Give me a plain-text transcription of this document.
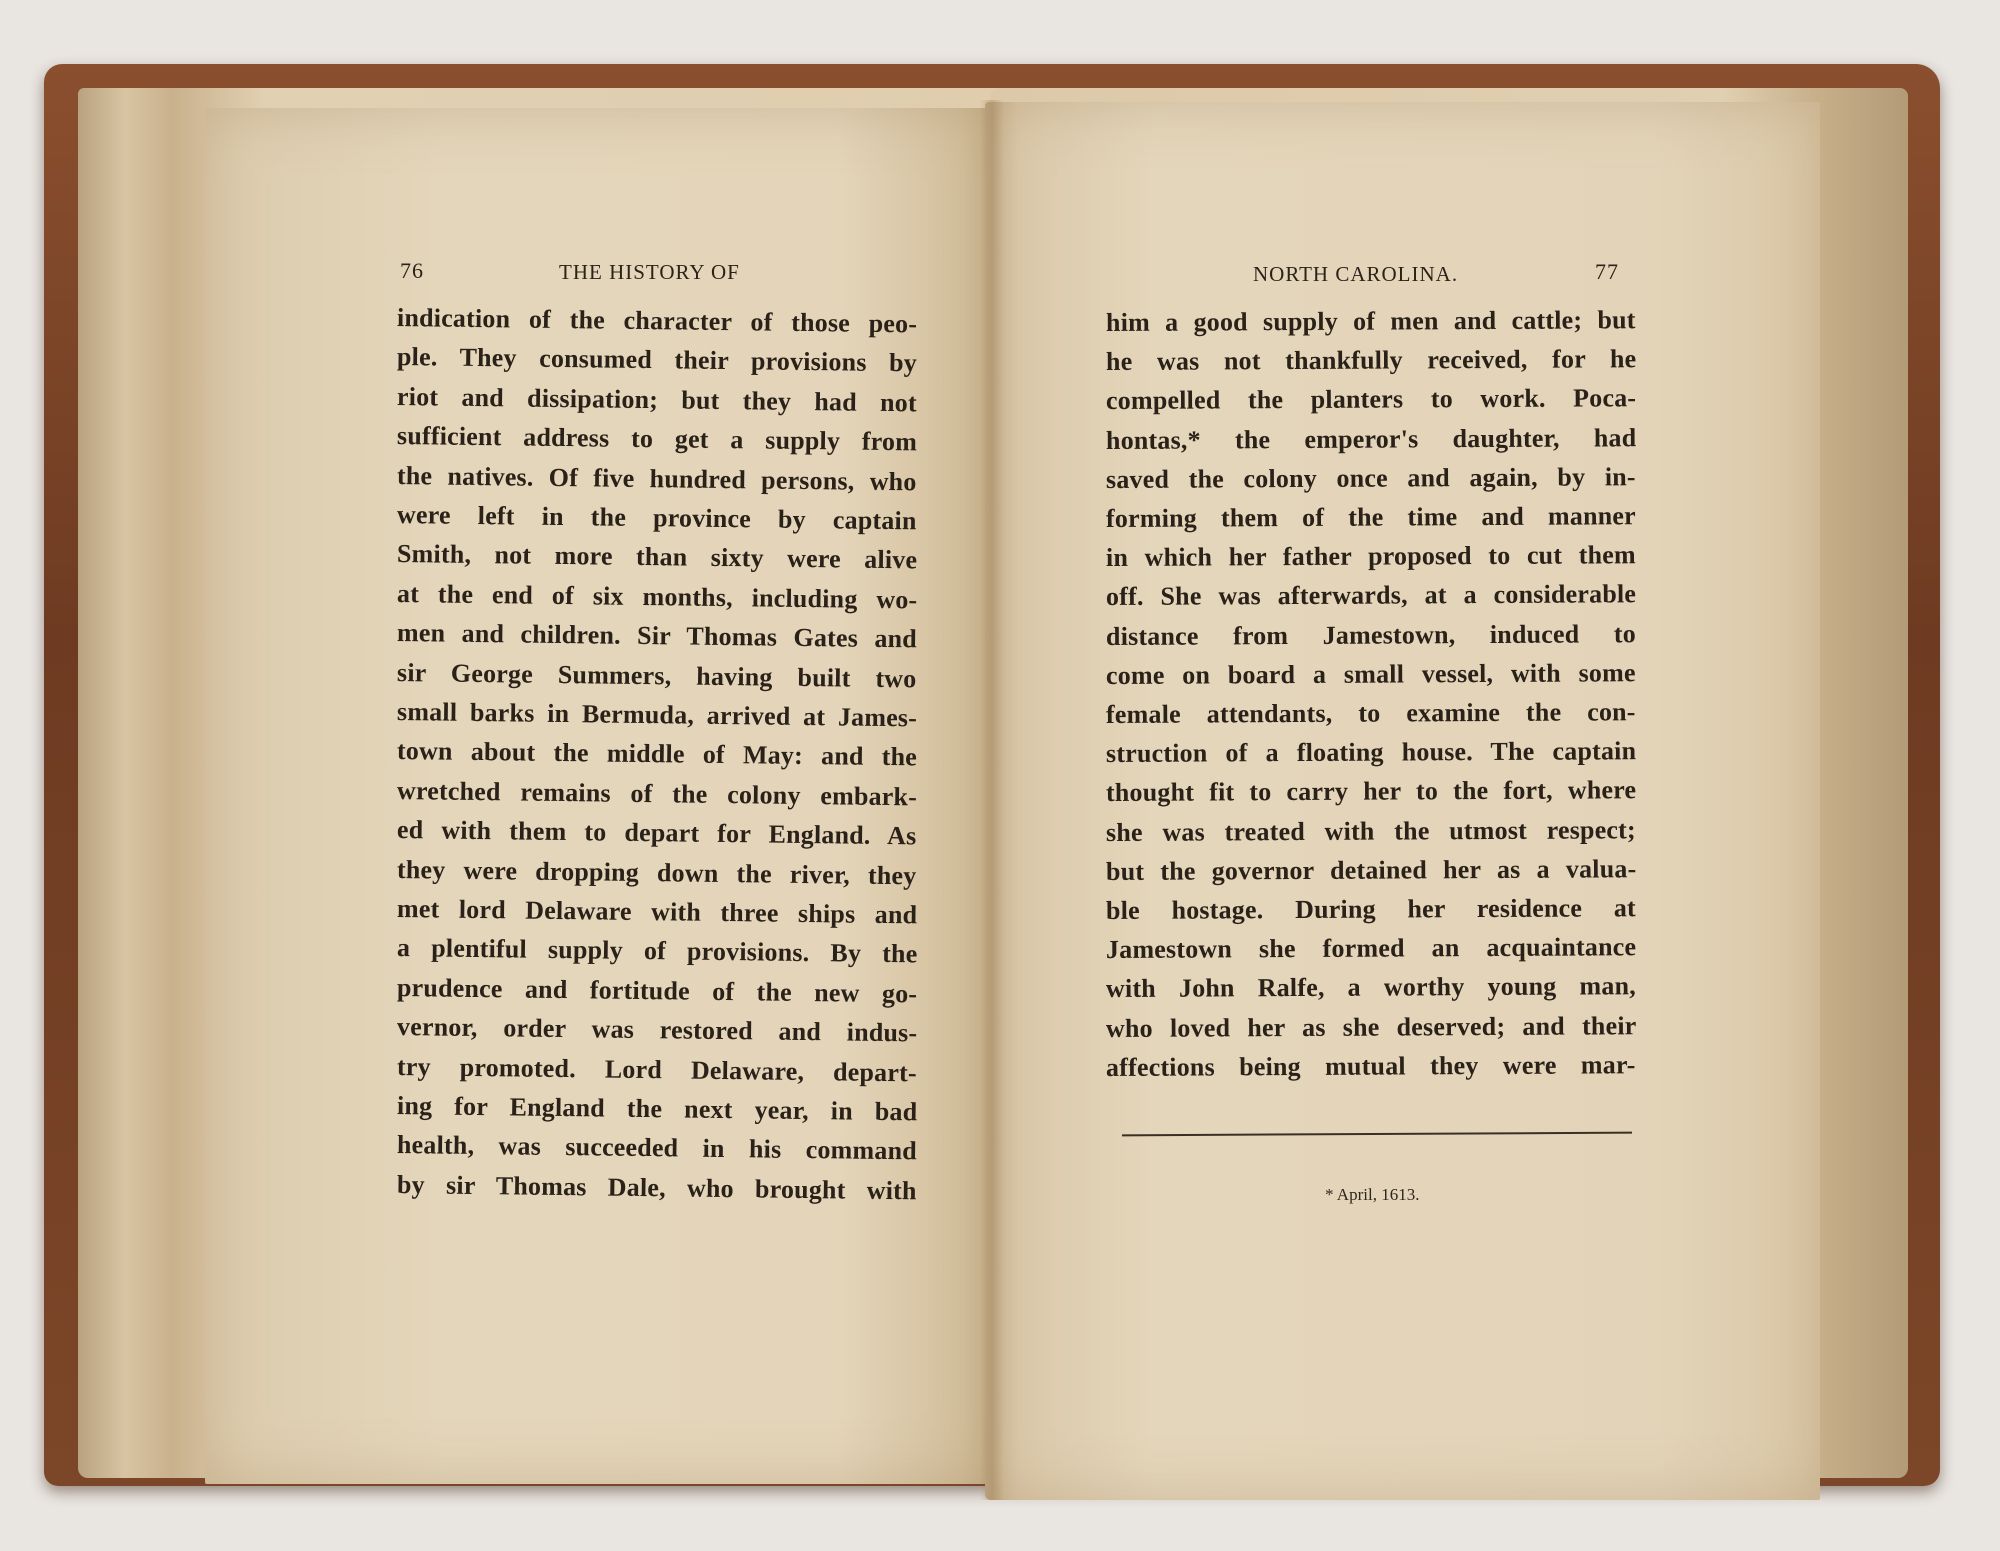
76	THE HISTORY OF	NORTH CAROLINA.	77
indication of the character of those peo-
ple. They consumed their provisions by
riot and dissipation; but they had not
sufficient address to get a supply from
the natives. Of five hundred persons, who
were left in the province by captain
Smith, not more than sixty were alive
at the end of six months, including wo-
men and children. Sir Thomas Gates and
sir George Summers, having built two
small barks in Bermuda, arrived at James-
town about the middle of May: and the
wretched remains of the colony embark-
ed with them to depart for England. As
they were dropping down the river, they
met lord Delaware with three ships and
a plentiful supply of provisions. By the
prudence and fortitude of the new go-
vernor, order was restored and indus-
try promoted. Lord Delaware, depart-
ing for England the next year, in bad
health, was succeeded in his command
by sir Thomas Dale, who brought with
him a good supply of men and cattle; but
he was not thankfully received, for he
compelled the planters to work. Poca-
hontas,* the emperor's daughter, had
saved the colony once and again, by in-
forming them of the time and manner
in which her father proposed to cut them
off. She was afterwards, at a considerable
distance from Jamestown, induced to
come on board a small vessel, with some
female attendants, to examine the con-
struction of a floating house. The captain
thought fit to carry her to the fort, where
she was treated with the utmost respect;
but the governor detained her as a valua-
ble hostage. During her residence at
Jamestown she formed an acquaintance
with John Ralfe, a worthy young man,
who loved her as she deserved; and their
affections being mutual they were mar-
* April, 1613.
